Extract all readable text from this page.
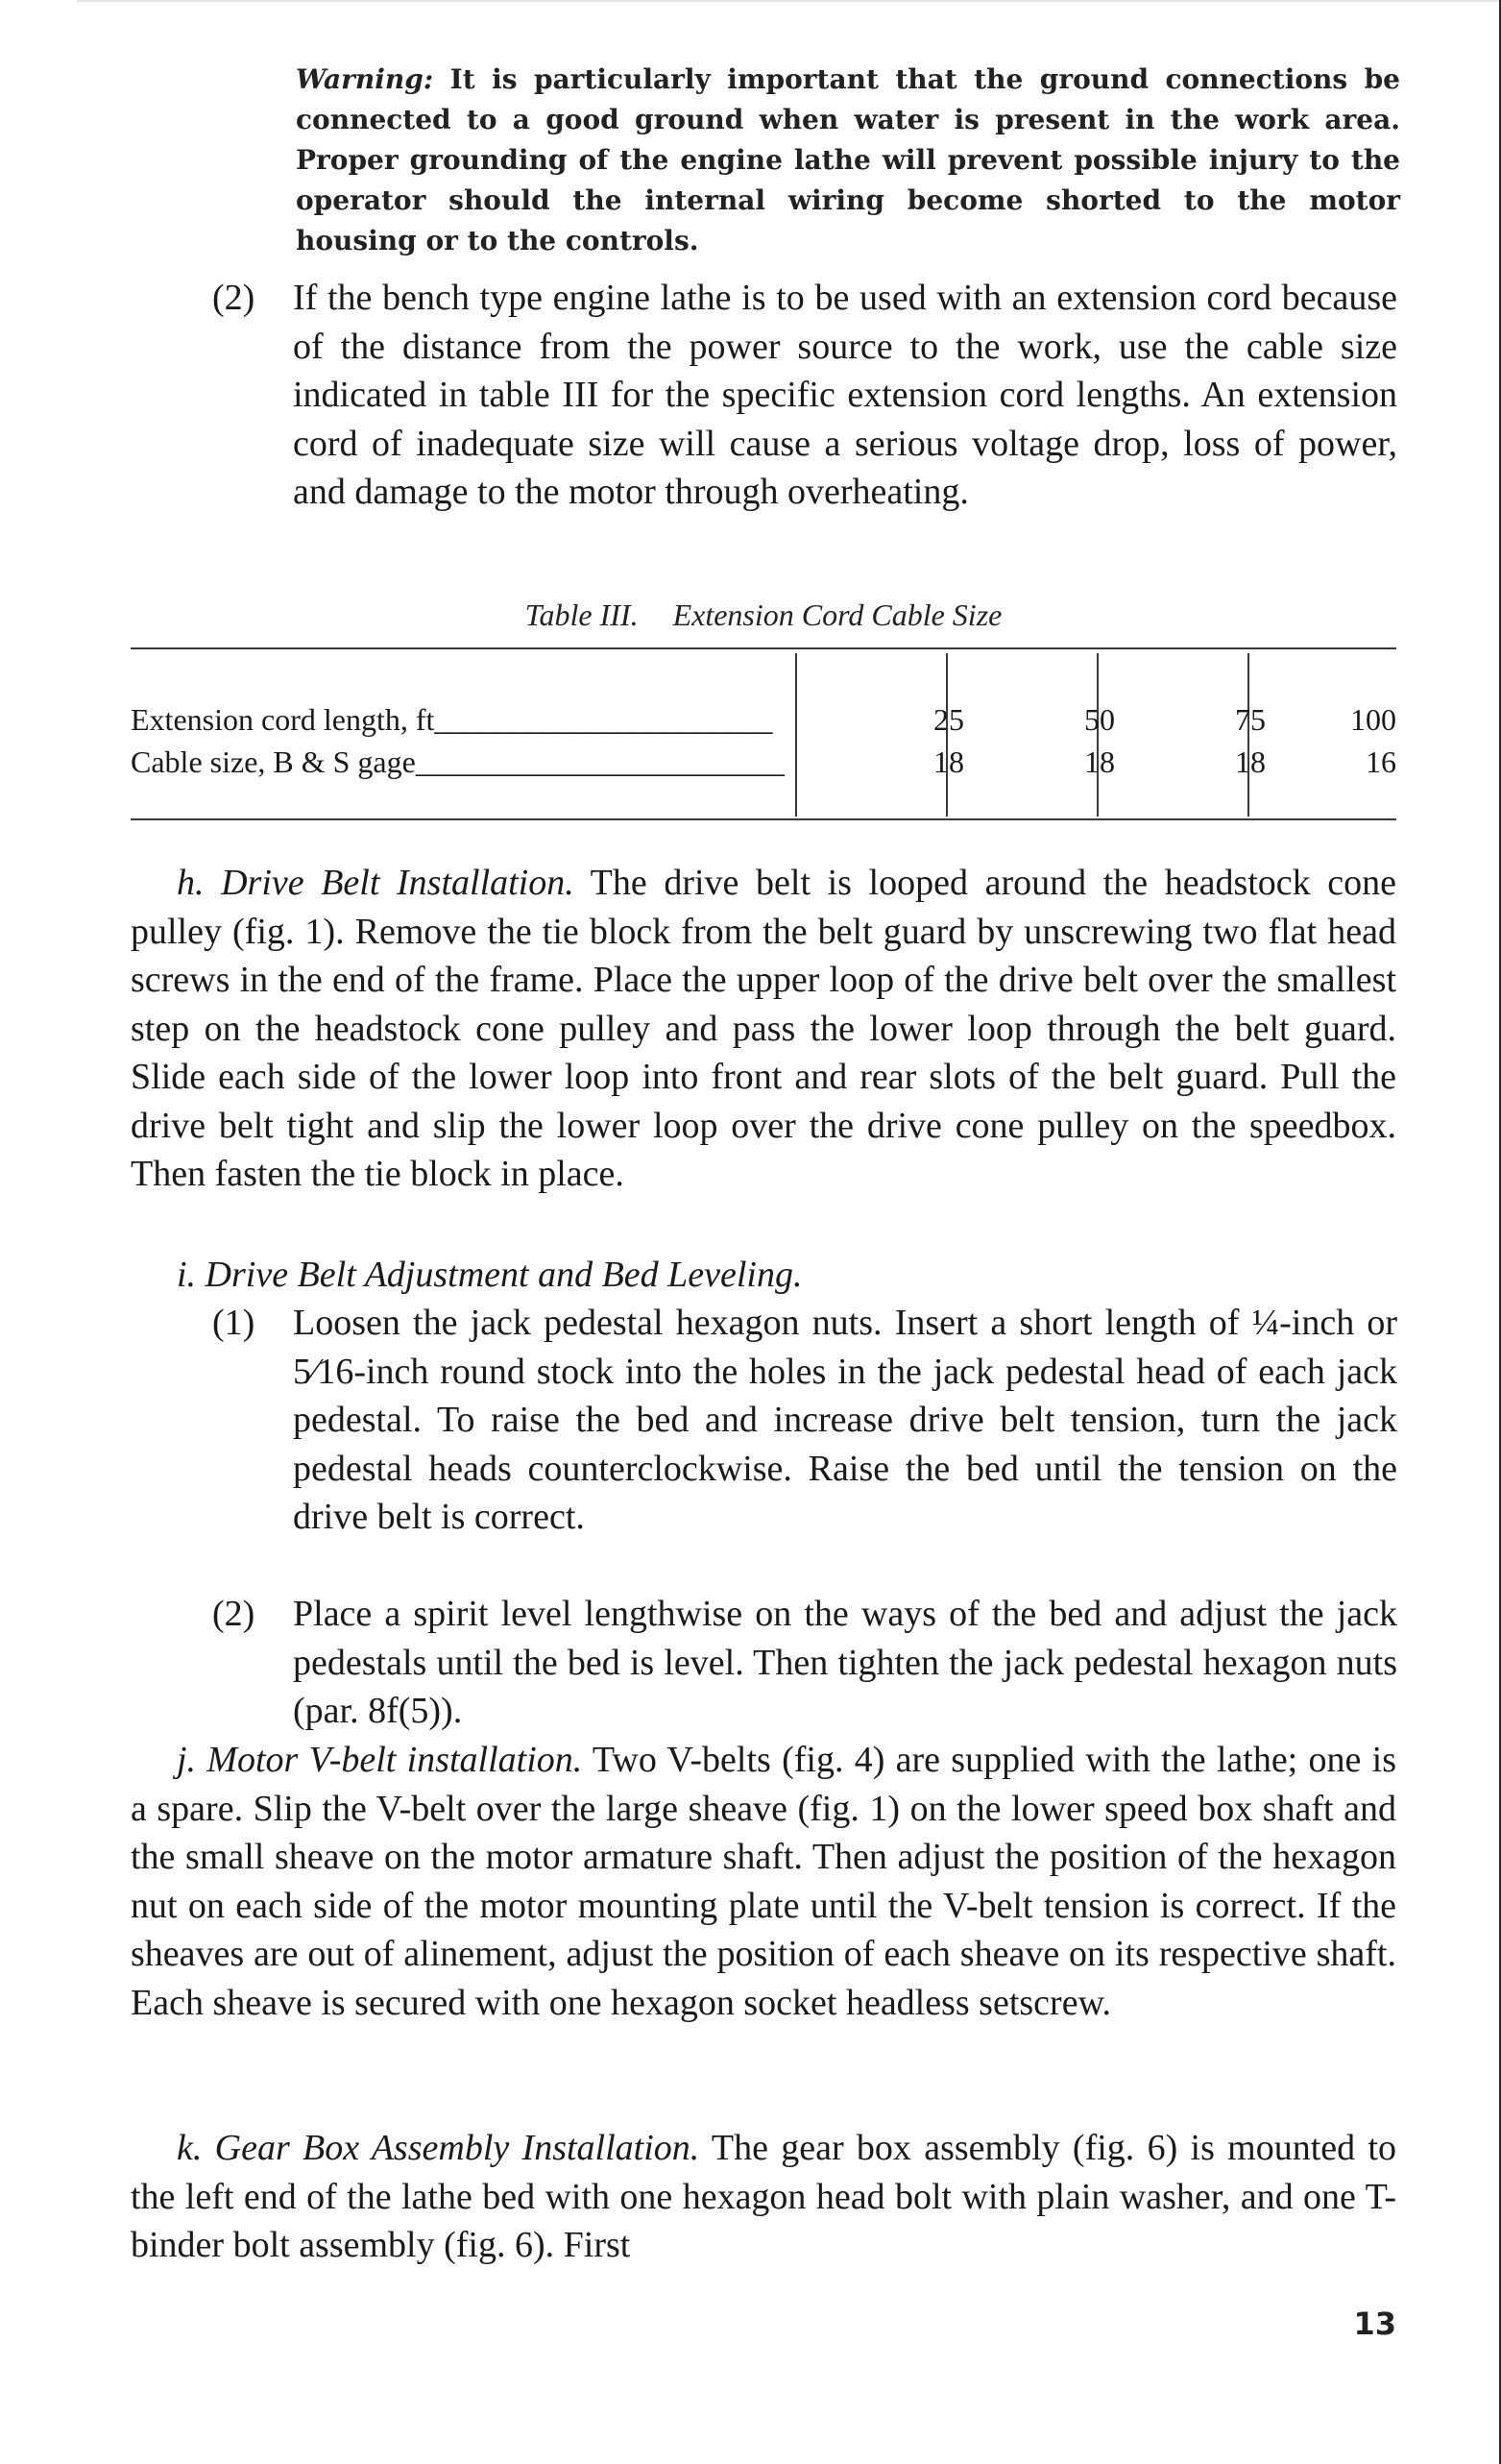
Warning: It is particularly important that the ground connections be connected to a good ground when water is present in the work area. Proper grounding of the engine lathe will prevent possible injury to the operator should the internal wiring become shorted to the motor housing or to the controls.
(2) If the bench type engine lathe is to be used with an extension cord because of the distance from the power source to the work, use the cable size indicated in table III for the specific extension cord lengths. An extension cord of inadequate size will cause a serious voltage drop, loss of power, and damage to the motor through overheating.
Table III. Extension Cord Cable Size
Extension cord length, ft______________________	25	50	75	100
Cable size, B & S gage________________________	18	18	18	16
h. Drive Belt Installation. The drive belt is looped around the headstock cone pulley (fig. 1). Remove the tie block from the belt guard by unscrewing two flat head screws in the end of the frame. Place the upper loop of the drive belt over the smallest step on the headstock cone pulley and pass the lower loop through the belt guard. Slide each side of the lower loop into front and rear slots of the belt guard. Pull the drive belt tight and slip the lower loop over the drive cone pulley on the speedbox. Then fasten the tie block in place.
i. Drive Belt Adjustment and Bed Leveling.
(1) Loosen the jack pedestal hexagon nuts. Insert a short length of ¼-inch or 5⁄16-inch round stock into the holes in the jack pedestal head of each jack pedestal. To raise the bed and increase drive belt tension, turn the jack pedestal heads counterclockwise. Raise the bed until the tension on the drive belt is correct.
(2) Place a spirit level lengthwise on the ways of the bed and adjust the jack pedestals until the bed is level. Then tighten the jack pedestal hexagon nuts (par. 8f(5)).
j. Motor V-belt installation. Two V-belts (fig. 4) are supplied with the lathe; one is a spare. Slip the V-belt over the large sheave (fig. 1) on the lower speed box shaft and the small sheave on the motor armature shaft. Then adjust the position of the hexagon nut on each side of the motor mounting plate until the V-belt tension is correct. If the sheaves are out of alinement, adjust the position of each sheave on its respective shaft. Each sheave is secured with one hexagon socket headless setscrew.
k. Gear Box Assembly Installation. The gear box assembly (fig. 6) is mounted to the left end of the lathe bed with one hexagon head bolt with plain washer, and one T-binder bolt assembly (fig. 6). First
13
